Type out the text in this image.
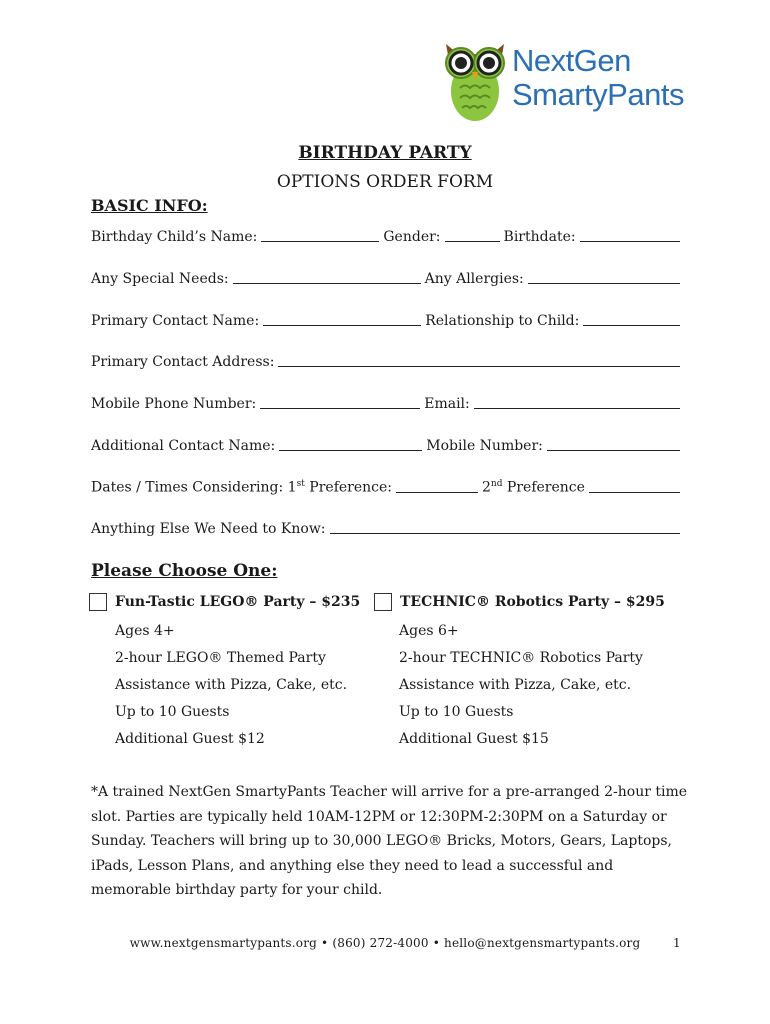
NextGen
SmartyPants
BIRTHDAY PARTY
OPTIONS ORDER FORM
BASIC INFO:
Birthday Child’s Name:	Gender:	Birthdate:
Any Special Needs:	Any Allergies:
Primary Contact Name:	Relationship to Child:
Primary Contact Address:
Mobile Phone Number:	Email:
Additional Contact Name:	Mobile Number:
Dates / Times Considering: 1st Preference:	2nd Preference
Anything Else We Need to Know:
Please Choose One:
Fun-Tastic LEGO® Party – $235
Ages 4+
2-hour LEGO® Themed Party
Assistance with Pizza, Cake, etc.
Up to 10 Guests
Additional Guest $12
TECHNIC® Robotics Party – $295
Ages 6+
2-hour TECHNIC® Robotics Party
Assistance with Pizza, Cake, etc.
Up to 10 Guests
Additional Guest $15
*A trained NextGen SmartyPants Teacher will arrive for a pre-arranged 2-hour time slot. Parties are typically held 10AM-12PM or 12:30PM-2:30PM on a Saturday or Sunday. Teachers will bring up to 30,000 LEGO® Bricks, Motors, Gears, Laptops, iPads, Lesson Plans, and anything else they need to lead a successful and memorable birthday party for your child.
www.nextgensmartypants.org • (860) 272-4000 • hello@nextgensmartypants.org	1
